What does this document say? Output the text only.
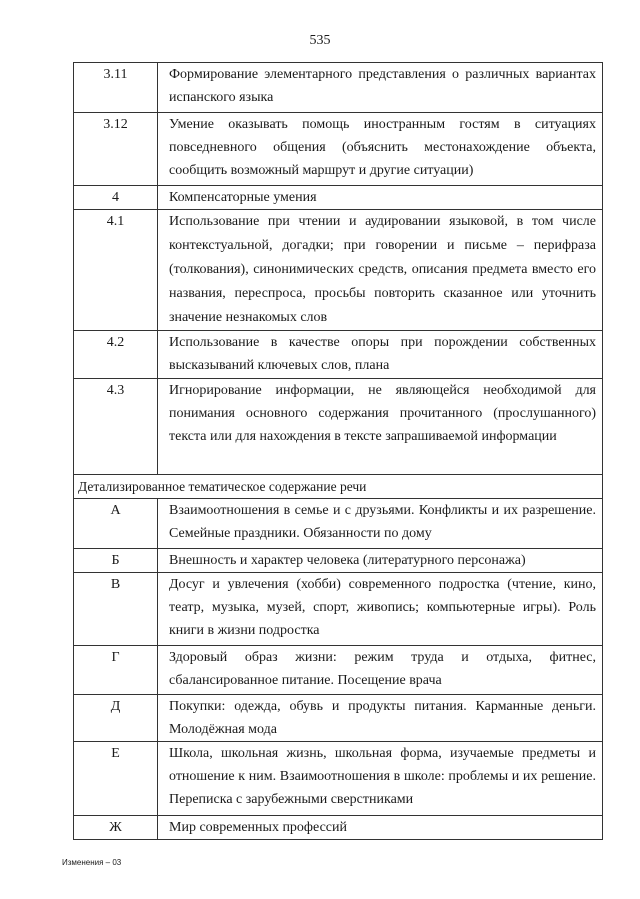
535
3.11	Формирование элементарного представления о различных вариантах испанского языка
3.12	Умение оказывать помощь иностранным гостям в ситуациях повседневного общения (объяснить местонахождение объекта, сообщить возможный маршрут и другие ситуации)
4	Компенсаторные умения
4.1	Использование при чтении и аудировании языковой, в том числе контекстуальной, догадки; при говорении и письме – перифраза (толкования), синонимических средств, описания предмета вместо его названия, переспроса, просьбы повторить сказанное или уточнить значение незнакомых слов
4.2	Использование в качестве опоры при порождении собственных высказываний ключевых слов, плана
4.3	Игнорирование информации, не являющейся необходимой для понимания основного содержания прочитанного (прослушанного) текста или для нахождения в тексте запрашиваемой информации
Детализированное тематическое содержание речи	
А	Взаимоотношения в семье и с друзьями. Конфликты и их разрешение. Семейные праздники. Обязанности по дому
Б	Внешность и характер человека (литературного персонажа)
В	Досуг и увлечения (хобби) современного подростка (чтение, кино, театр, музыка, музей, спорт, живопись; компьютерные игры). Роль книги в жизни подростка
Г	Здоровый образ жизни: режим труда и отдыха, фитнес, сбалансированное питание. Посещение врача
Д	Покупки: одежда, обувь и продукты питания. Карманные деньги. Молодёжная мода
Е	Школа, школьная жизнь, школьная форма, изучаемые предметы и отношение к ним. Взаимоотношения в школе: проблемы и их решение. Переписка с зарубежными сверстниками
Ж	Мир современных профессий
Изменения – 03
